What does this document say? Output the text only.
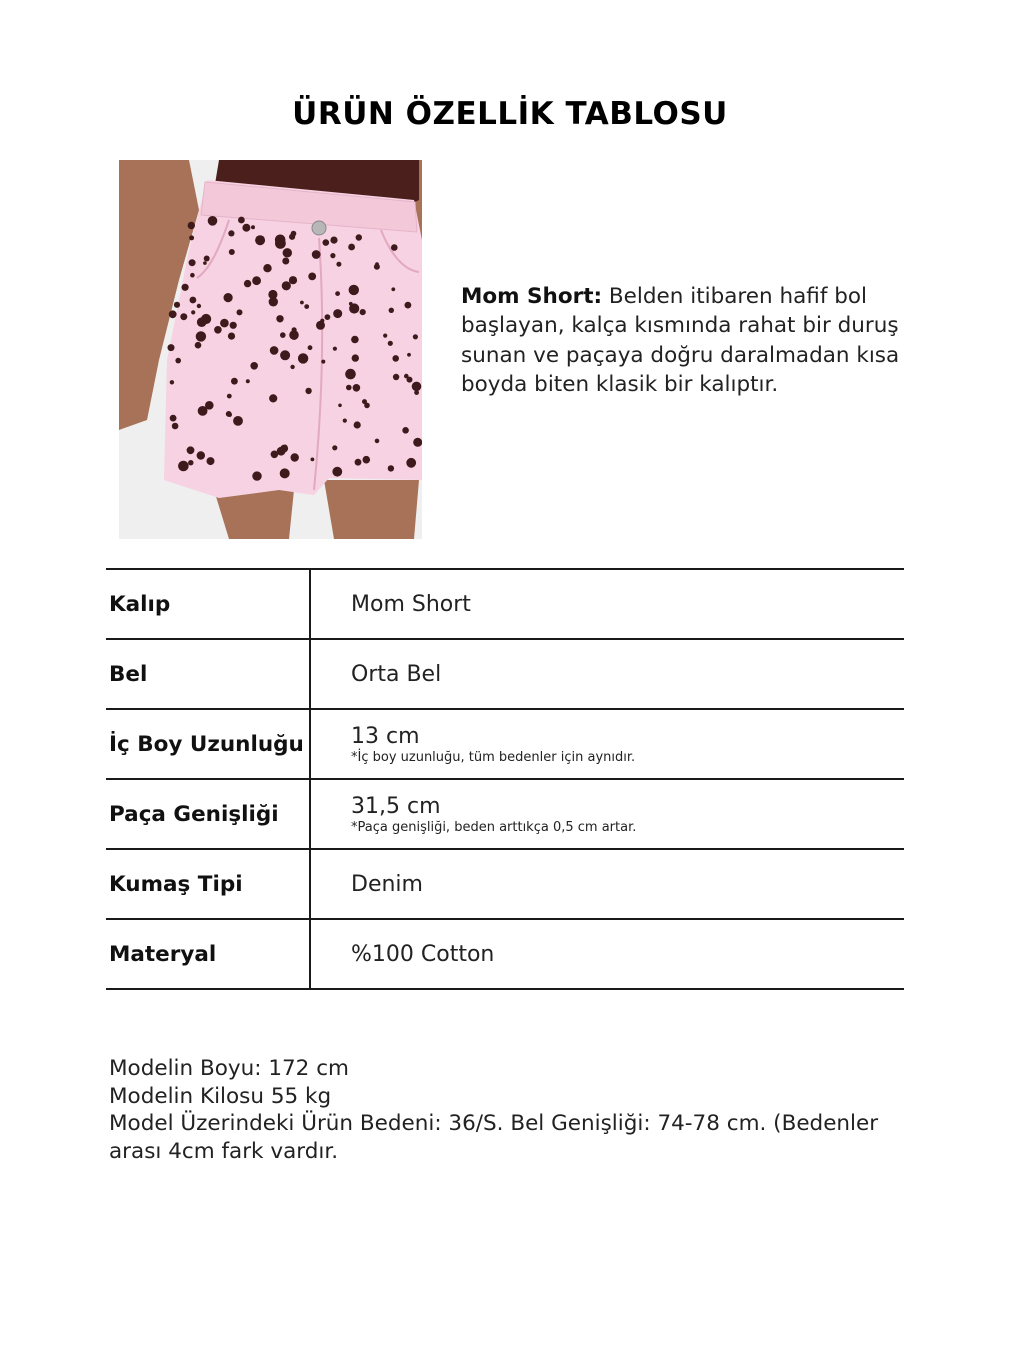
ÜRÜN ÖZELLİK TABLOSU
Mom Short: Belden itibaren hafif bol başlayan, kalça kısmında rahat bir duruş sunan ve paçaya doğru daralmadan kısa boyda biten klasik bir kalıptır.
Kalıp	Mom Short
Bel	Orta Bel
İç Boy Uzunluğu	13 cm
*İç boy uzunluğu, tüm bedenler için aynıdır.

Paça Genişliği	31,5 cm
*Paça genişliği, beden arttıkça 0,5 cm artar.

Kumaş Tipi	Denim
Materyal	%100 Cotton
Modelin Boyu: 172 cm
Modelin Kilosu 55 kg
Model Üzerindeki Ürün Bedeni: 36/S. Bel Genişliği: 74-78 cm. (Bedenler
arası 4cm fark vardır.
